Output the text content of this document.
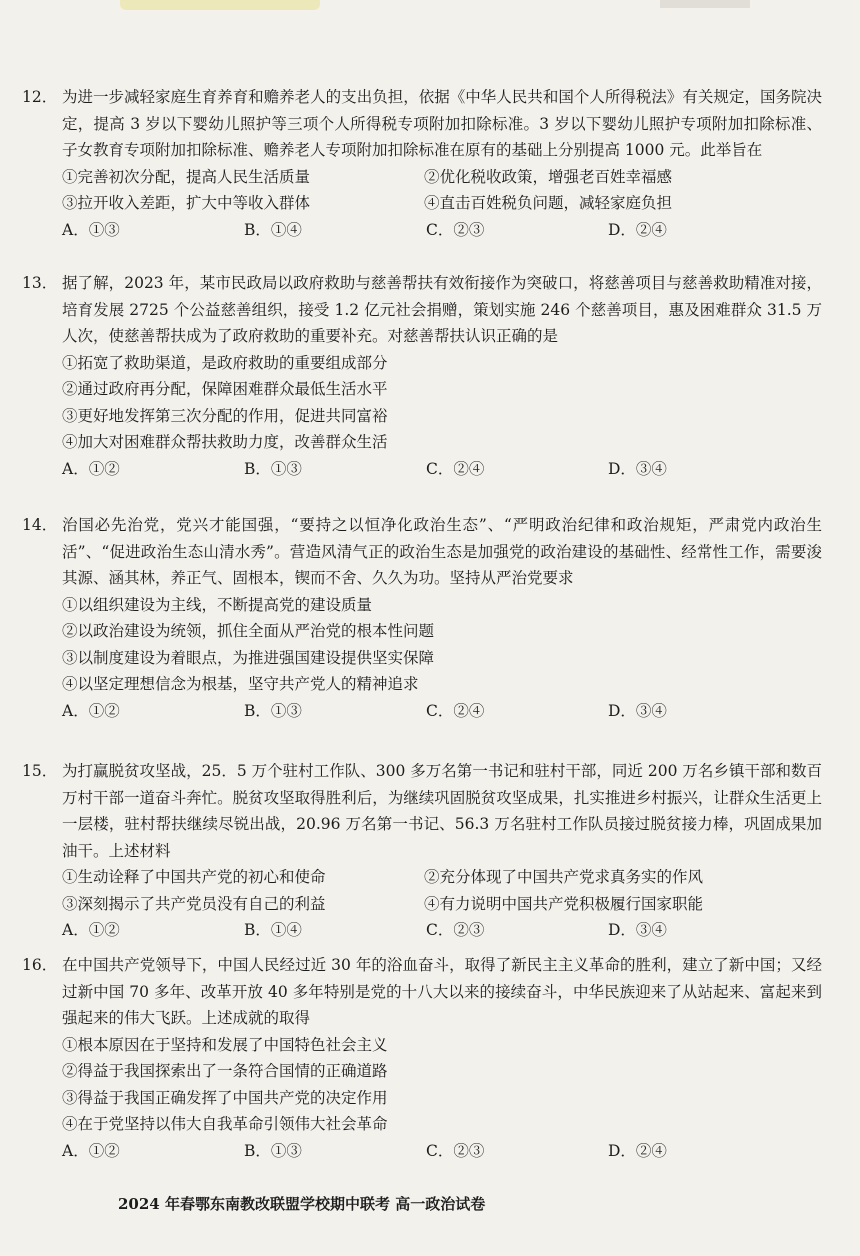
12． 为进一步减轻家庭生育养育和赡养老人的支出负担，依据《中华人民共和国个人所得税法》有关规定，国务院决定，提高 3 岁以下婴幼儿照护等三项个人所得税专项附加扣除标准。3 岁以下婴幼儿照护专项附加扣除标准、子女教育专项附加扣除标准、赡养老人专项附加扣除标准在原有的基础上分别提高 1000 元。此举旨在

①完善初次分配，提高人民生活质量	②优化税收政策，增强老百姓幸福感
③拉开收入差距，扩大中等收入群体	④直击百姓税负问题，减轻家庭负担
A．①③	B．①④	C．②③	D．②④
13． 据了解，2023 年，某市民政局以政府救助与慈善帮扶有效衔接作为突破口，将慈善项目与慈善救助精准对接，培育发展 2725 个公益慈善组织，接受 1.2 亿元社会捐赠，策划实施 246 个慈善项目，惠及困难群众 31.5 万人次，使慈善帮扶成为了政府救助的重要补充。对慈善帮扶认识正确的是

①拓宽了救助渠道，是政府救助的重要组成部分
②通过政府再分配，保障困难群众最低生活水平
③更好地发挥第三次分配的作用，促进共同富裕
④加大对困难群众帮扶救助力度，改善群众生活
A．①②	B．①③	C．②④	D．③④
14． 治国必先治党，党兴才能国强，“要持之以恒净化政治生态”、“严明政治纪律和政治规矩，严肃党内政治生活”、“促进政治生态山清水秀”。营造风清气正的政治生态是加强党的政治建设的基础性、经常性工作，需要浚其源、涵其林，养正气、固根本，锲而不舍、久久为功。坚持从严治党要求

①以组织建设为主线，不断提高党的建设质量
②以政治建设为统领，抓住全面从严治党的根本性问题
③以制度建设为着眼点，为推进强国建设提供坚实保障
④以坚定理想信念为根基，坚守共产党人的精神追求
A．①②	B．①③	C．②④	D．③④
15． 为打赢脱贫攻坚战，25．5 万个驻村工作队、300 多万名第一书记和驻村干部，同近 200 万名乡镇干部和数百万村干部一道奋斗奔忙。脱贫攻坚取得胜利后，为继续巩固脱贫攻坚成果，扎实推进乡村振兴，让群众生活更上一层楼，驻村帮扶继续尽锐出战，20.96 万名第一书记、56.3 万名驻村工作队员接过脱贫接力棒，巩固成果加油干。上述材料

①生动诠释了中国共产党的初心和使命	②充分体现了中国共产党求真务实的作风
③深刻揭示了共产党员没有自己的利益	④有力说明中国共产党积极履行国家职能
A．①②	B．①④	C．②③	D．③④
16． 在中国共产党领导下，中国人民经过近 30 年的浴血奋斗，取得了新民主主义革命的胜利，建立了新中国；又经过新中国 70 多年、改革开放 40 多年特别是党的十八大以来的接续奋斗，中华民族迎来了从站起来、富起来到强起来的伟大飞跃。上述成就的取得

①根本原因在于坚持和发展了中国特色社会主义
②得益于我国探索出了一条符合国情的正确道路
③得益于我国正确发挥了中国共产党的决定作用
④在于党坚持以伟大自我革命引领伟大社会革命
A．①②	B．①③	C．②③	D．②④
2024 年春鄂东南教改联盟学校期中联考 高一政治试卷
